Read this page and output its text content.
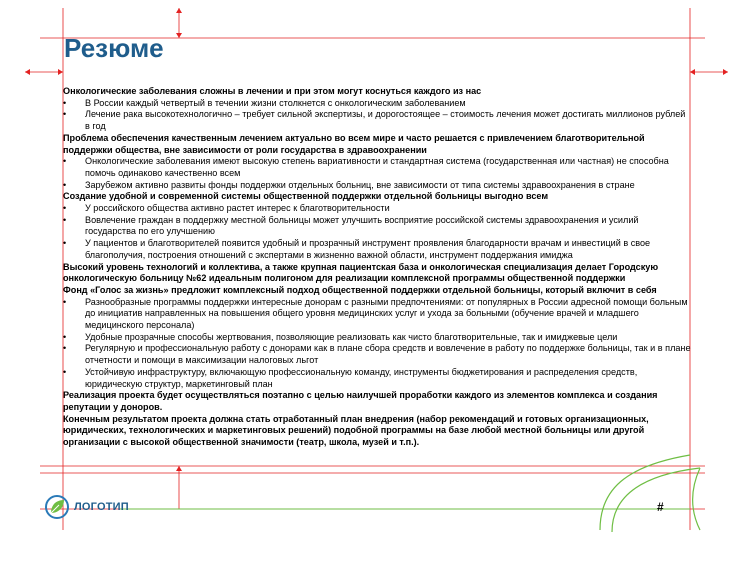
Резюме

Онкологические заболевания сложны в лечении и при этом могут коснуться каждого из нас

• В России каждый четвертый в течении жизни столкнется с онкологическим заболеванием
• Лечение рака высокотехнологично – требует сильной экспертизы, и дорогостоящее – стоимость лечения может достигать миллионов рублей в год

Проблема обеспечения качественным лечением актуально во всем мире и часто решается с привлечением благотворительной поддержки общества, вне зависимости от роли государства в здравоохранении

• Онкологические заболевания имеют высокую степень вариативности и стандартная система (государственная или частная) не способна помочь одинаково качественно всем
• Зарубежом активно развиты фонды поддержки отдельных больниц, вне зависимости от типа системы здравоохранения в стране

Создание удобной и современной системы общественной поддержки отдельной больницы выгодно всем

• У российского общества активно растет интерес к благотворительности
• Вовлечение граждан в поддержку местной больницы может улучшить восприятие российской системы здравоохранения и усилий государства по его улучшению
• У пациентов и благотворителей появится удобный и прозрачный инструмент проявления благодарности врачам и инвестиций в свое благополучия, построения отношений с экспертами в жизненно важной области, инструмент поддержания имиджа

Высокий уровень технологий и коллектива, а также крупная пациентская база и онкологическая специализация делает Городскую онкологическую больницу №62 идеальным полигоном для реализации комплексной программы общественной поддержки

Фонд «Голос за жизнь» предложит комплексный подход общественной поддержки отдельной больницы, который включит в себя

• Разнообразные программы поддержки интересные донорам с разными предпочтениями: от популярных в России адресной помощи больным до инициатив направленных на повышения общего уровня медицинских услуг и ухода за больными (обучение врачей и младшего медицинского персонала)
• Удобные прозрачные способы жертвования, позволяющие реализовать как чисто благотворительные, так и имиджевые цели
• Регулярную и профессиональную работу с донорами как в плане сбора средств и вовлечение в работу по поддержке больницы, так и в плане отчетности и помощи в максимизации налоговых льгот
• Устойчивую инфраструктуру, включающую профессиональную команду, инструменты бюджетирования и распределения средств, юридическую структур, маркетинговый план

Реализация проекта будет осуществляться поэтапно с целью наилучшей проработки каждого из элементов комплекса и создания репутации у доноров.

Конечным результатом проекта должна стать отработанный план внедрения (набор рекомендаций и готовых организационных, юридических, технологических и маркетинговых решений) подобной программы на базе любой местной больницы или другой организации с высокой общественной значимости (театр, школа, музей и т.п.).

ЛОГОТИП	#
